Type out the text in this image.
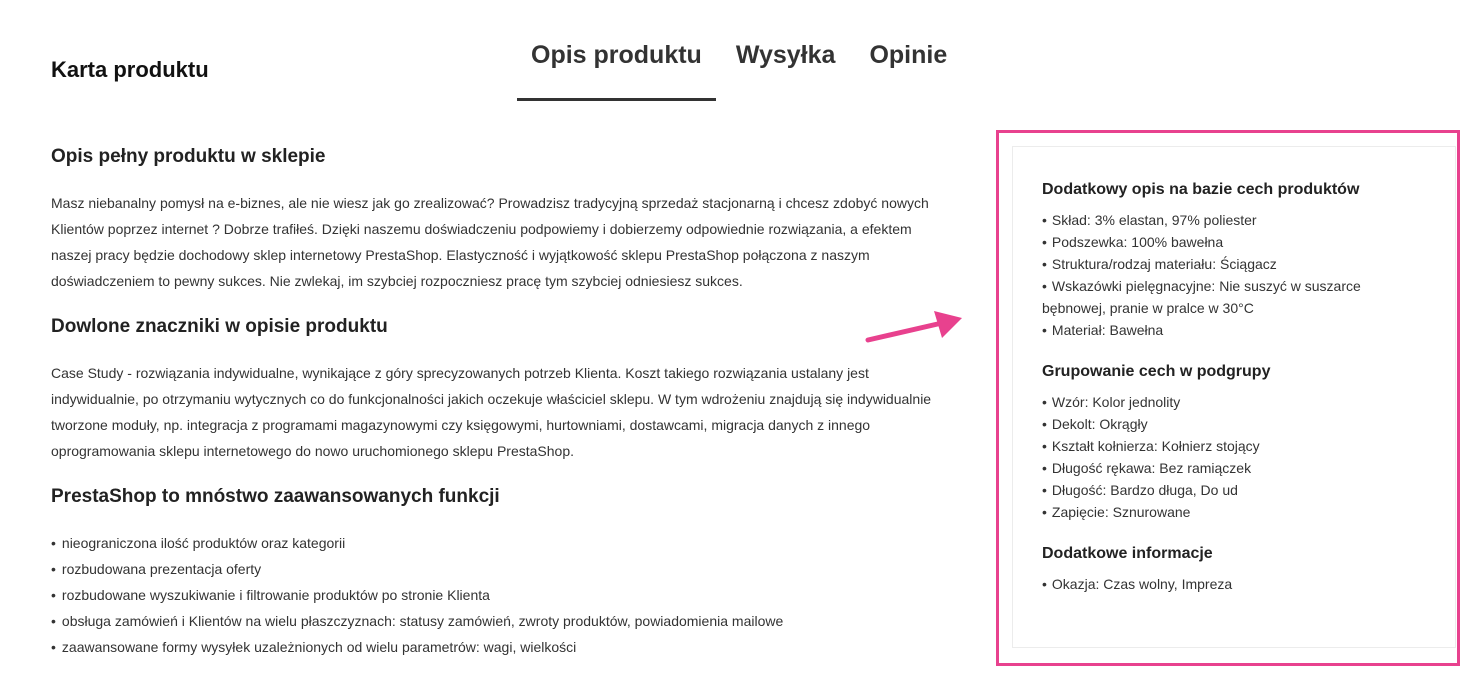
Karta produktu
Opis produktu	Wysyłka	Opinie
Opis pełny produktu w sklepie

Masz niebanalny pomysł na e-biznes, ale nie wiesz jak go zrealizować? Prowadzisz tradycyjną sprzedaż stacjonarną i chcesz zdobyć nowych Klientów poprzez internet ? Dobrze trafiłeś. Dzięki naszemu doświadczeniu podpowiemy i dobierzemy odpowiednie rozwiązania, a efektem naszej pracy będzie dochodowy sklep internetowy PrestaShop. Elastyczność i wyjątkowość sklepu PrestaShop połączona z naszym doświadczeniem to pewny sukces. Nie zwlekaj, im szybciej rozpoczniesz pracę tym szybciej odniesiesz sukces.

Dowlone znaczniki w opisie produktu

Case Study - rozwiązania indywidualne, wynikające z góry sprecyzowanych potrzeb Klienta. Koszt takiego rozwiązania ustalany jest indywidualnie, po otrzymaniu wytycznych co do funkcjonalności jakich oczekuje właściciel sklepu. W tym wdrożeniu znajdują się indywidualnie tworzone moduły, np. integracja z programami magazynowymi czy księgowymi, hurtowniami, dostawcami, migracja danych z innego oprogramowania sklepu internetowego do nowo uruchomionego sklepu PrestaShop.

PrestaShop to mnóstwo zaawansowanych funkcji
• nieograniczona ilość produktów oraz kategorii
• rozbudowana prezentacja oferty
• rozbudowane wyszukiwanie i filtrowanie produktów po stronie Klienta
• obsługa zamówień i Klientów na wielu płaszczyznach: statusy zamówień, zwroty produktów, powiadomienia mailowe
• zaawansowane formy wysyłek uzależnionych od wielu parametrów: wagi, wielkości
Dodatkowy opis na bazie cech produktów
• Skład: 3% elastan, 97% poliester
• Podszewka: 100% bawełna
• Struktura/rodzaj materiału: Ściągacz
• Wskazówki pielęgnacyjne: Nie suszyć w suszarce bębnowej, pranie w pralce w 30°C
• Materiał: Bawełna
Grupowanie cech w podgrupy
• Wzór: Kolor jednolity
• Dekolt: Okrągły
• Kształt kołnierza: Kołnierz stojący
• Długość rękawa: Bez ramiączek
• Długość: Bardzo długa, Do ud
• Zapięcie: Sznurowane
Dodatkowe informacje
• Okazja: Czas wolny, Impreza
